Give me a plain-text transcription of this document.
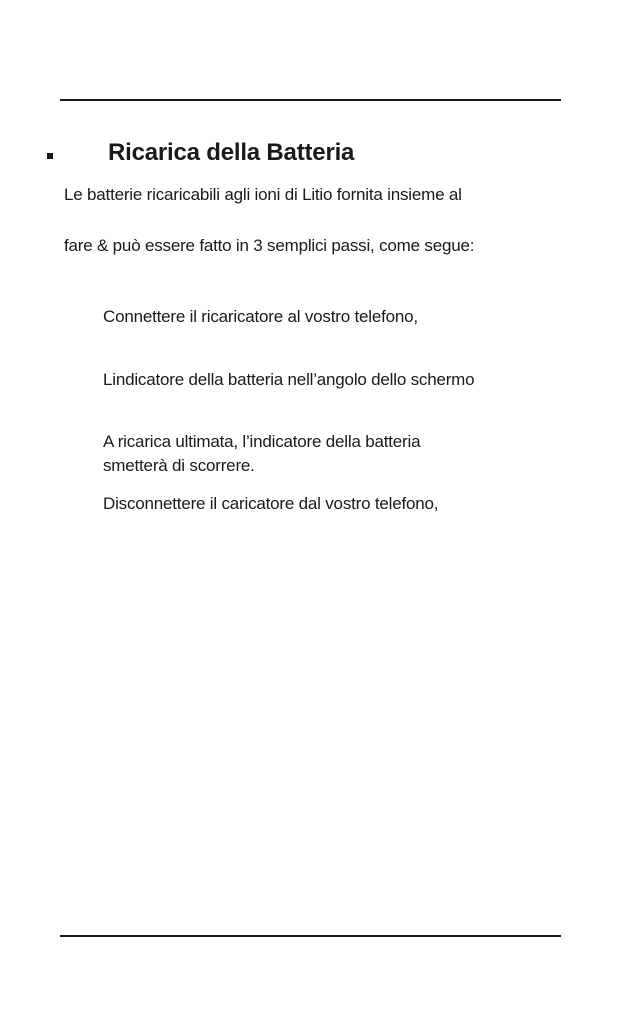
Ricarica della Batteria
Le batterie ricaricabili agli ioni di Litio fornita insieme al
fare & può essere fatto in 3 semplici passi, come segue:
Connettere il ricaricatore al vostro telefono,
Lindicatore della batteria nell’angolo dello schermo
A ricarica ultimata, l’indicatore della batteria
smetterà di scorrere.
Disconnettere il caricatore dal vostro telefono,
